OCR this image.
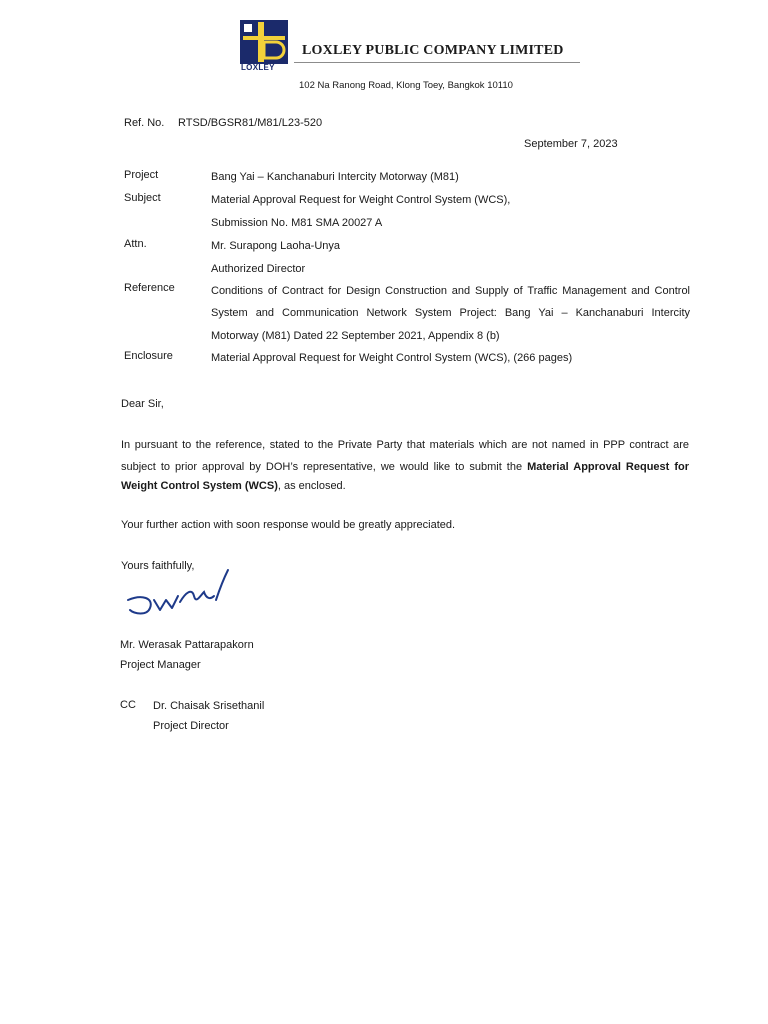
LOXLEY
LOXLEY PUBLIC COMPANY LIMITED
102 Na Ranong Road, Klong Toey, Bangkok 10110
Ref. No. RTSD/BGSR81/M81/L23-520
September 7, 2023
Project	Bang Yai – Kanchanaburi Intercity Motorway (M81)
Subject	Material Approval Request for Weight Control System (WCS),
Submission No. M81 SMA 20027 A
Attn.	Mr. Surapong Laoha-Unya
Authorized Director
Reference	Conditions of Contract for Design Construction and Supply of Traffic Management and Control
System and Communication Network System Project: Bang Yai – Kanchanaburi Intercity
Motorway (M81) Dated 22 September 2021, Appendix 8 (b)
Enclosure	Material Approval Request for Weight Control System (WCS), (266 pages)
Dear Sir,
In pursuant to the reference, stated to the Private Party that materials which are not named in PPP contract are
subject to prior approval by DOH’s representative, we would like to submit the Material Approval Request for
Weight Control System (WCS), as enclosed.
Your further action with soon response would be greatly appreciated.
Yours faithfully,
Mr. Werasak Pattarapakorn
Project Manager
CC Dr. Chaisak Srisethanil
Project Director
